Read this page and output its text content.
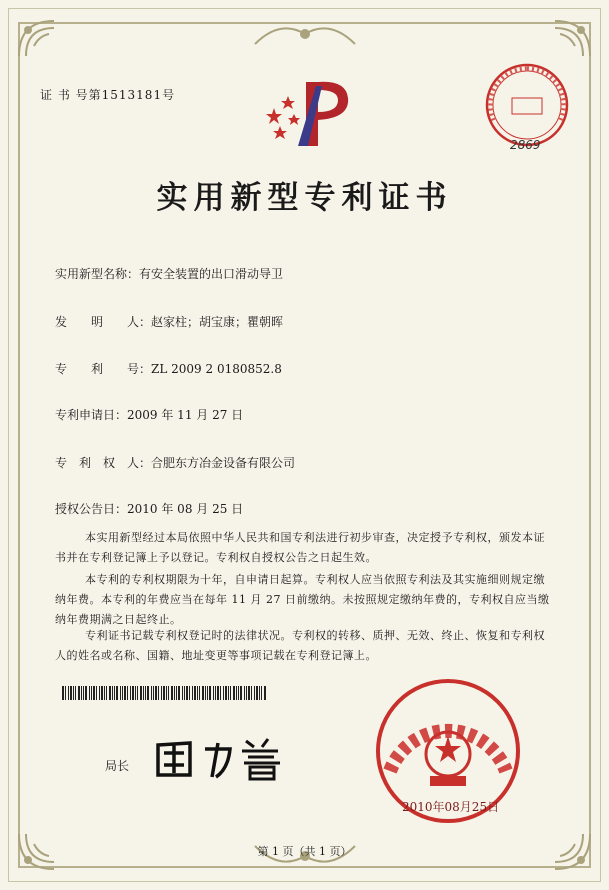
证 书 号第1513181号
2869
实用新型专利证书
实用新型名称：有安全装置的出口滑动导卫
发　　明　　人：赵家柱；胡宝康；瞿朝晖
专　　利　　号：ZL 2009 2 0180852.8
专利申请日：2009 年 11 月 27 日
专　利　权　人：合肥东方冶金设备有限公司
授权公告日：2010 年 08 月 25 日
本实用新型经过本局依照中华人民共和国专利法进行初步审查，决定授予专利权，颁发本证书并在专利登记簿上予以登记。专利权自授权公告之日起生效。
本专利的专利权期限为十年，自申请日起算。专利权人应当依照专利法及其实施细则规定缴纳年费。本专利的年费应当在每年 11 月 27 日前缴纳。未按照规定缴纳年费的，专利权自应当缴纳年费期满之日起终止。
专利证书记载专利权登记时的法律状况。专利权的转移、质押、无效、终止、恢复和专利权人的姓名或名称、国籍、地址变更等事项记载在专利登记簿上。
局长
2010年08月25日
第 1 页（共 1 页）
